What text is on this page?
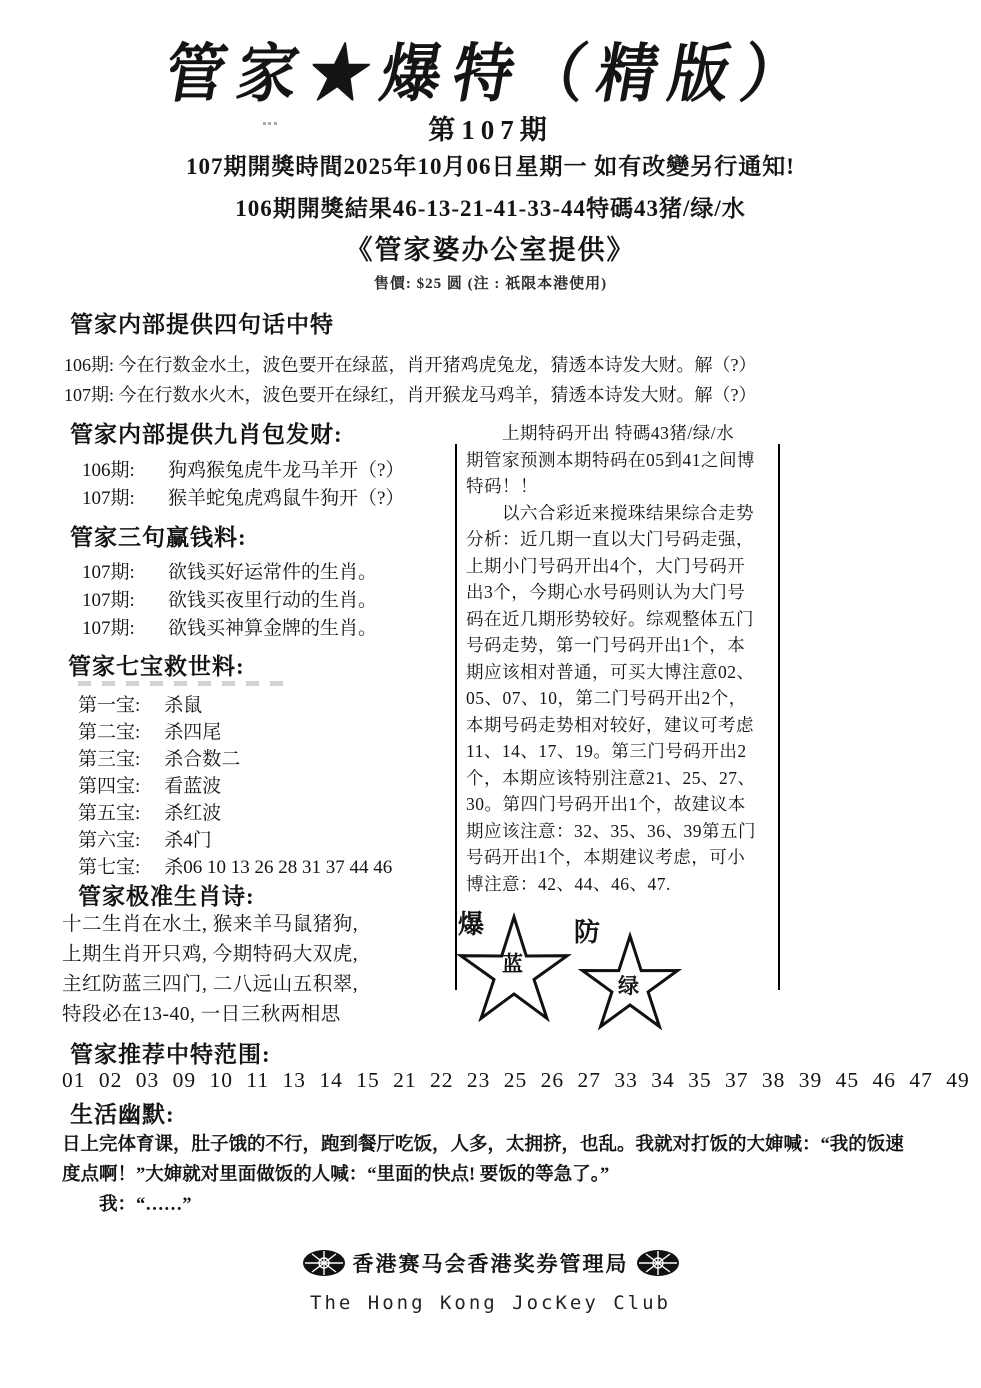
管家★爆特（精版）
第107期
107期開獎時間2025年10月06日星期一 如有改變另行通知!
106期開獎結果46-13-21-41-33-44特碼43猪/绿/水
《管家婆办公室提供》
售價: $25 圆 (注 : 祇限本港使用)
管家内部提供四句话中特
106期: 今在行数金水土，波色要开在绿蓝，肖开猪鸡虎兔龙，猜透本诗发大财。解（?）
107期: 今在行数水火木，波色要开在绿红，肖开猴龙马鸡羊，猜透本诗发大财。解（?）
管家内部提供九肖包发财:
106期: 狗鸡猴兔虎牛龙马羊开（?）
107期: 猴羊蛇兔虎鸡鼠牛狗开（?）
管家三句赢钱料:
107期: 欲钱买好运常件的生肖。
107期: 欲钱买夜里行动的生肖。
107期: 欲钱买神算金牌的生肖。
管家七宝救世料:
第一宝: 杀鼠
第二宝: 杀四尾
第三宝: 杀合数二
第四宝: 看蓝波
第五宝: 杀红波
第六宝: 杀4门
第七宝: 杀06 10 13 26 28 31 37 44 46
管家极准生肖诗:
十二生肖在水土, 猴来羊马鼠猪狗,
上期生肖开只鸡, 今期特码大双虎,
主红防蓝三四门, 二八远山五积翠,
特段必在13-40, 一日三秋两相思
　　上期特码开出 特碼43猪/绿/水
期管家预测本期特码在05到41之间博
特码！！
　　以六合彩近来搅珠结果综合走势
分析：近几期一直以大门号码走强，
上期小门号码开出4个，大门号码开
出3个，今期心水号码则认为大门号
码在近几期形势较好。综观整体五门
号码走势，第一门号码开出1个，本
期应该相对普通，可买大博注意02、
05、07、10，第二门号码开出2个，
本期号码走势相对较好，建议可考虑
11、14、17、19。第三门号码开出2
个，本期应该特别注意21、25、27、
30。第四门号码开出1个，故建议本
期应该注意：32、35、36、39第五门
号码开出1个，本期建议考虑，可小
博注意：42、44、46、47.
爆
蓝
防
绿
管家推荐中特范围:
01 02 03 09 10 11 13 14 15 21 22 23 25 26 27 33 34 35 37 38 39 45 46 47 49
生活幽默:
日上完体育课，肚子饿的不行，跑到餐厅吃饭，人多，太拥挤，也乱。我就对打饭的大婶喊：“我的饭速
度点啊！”大婶就对里面做饭的人喊：“里面的快点! 要饭的等急了。”
　　我：“……”
香港赛马会香港奖券管理局
The Hong Kong JocKey Club
